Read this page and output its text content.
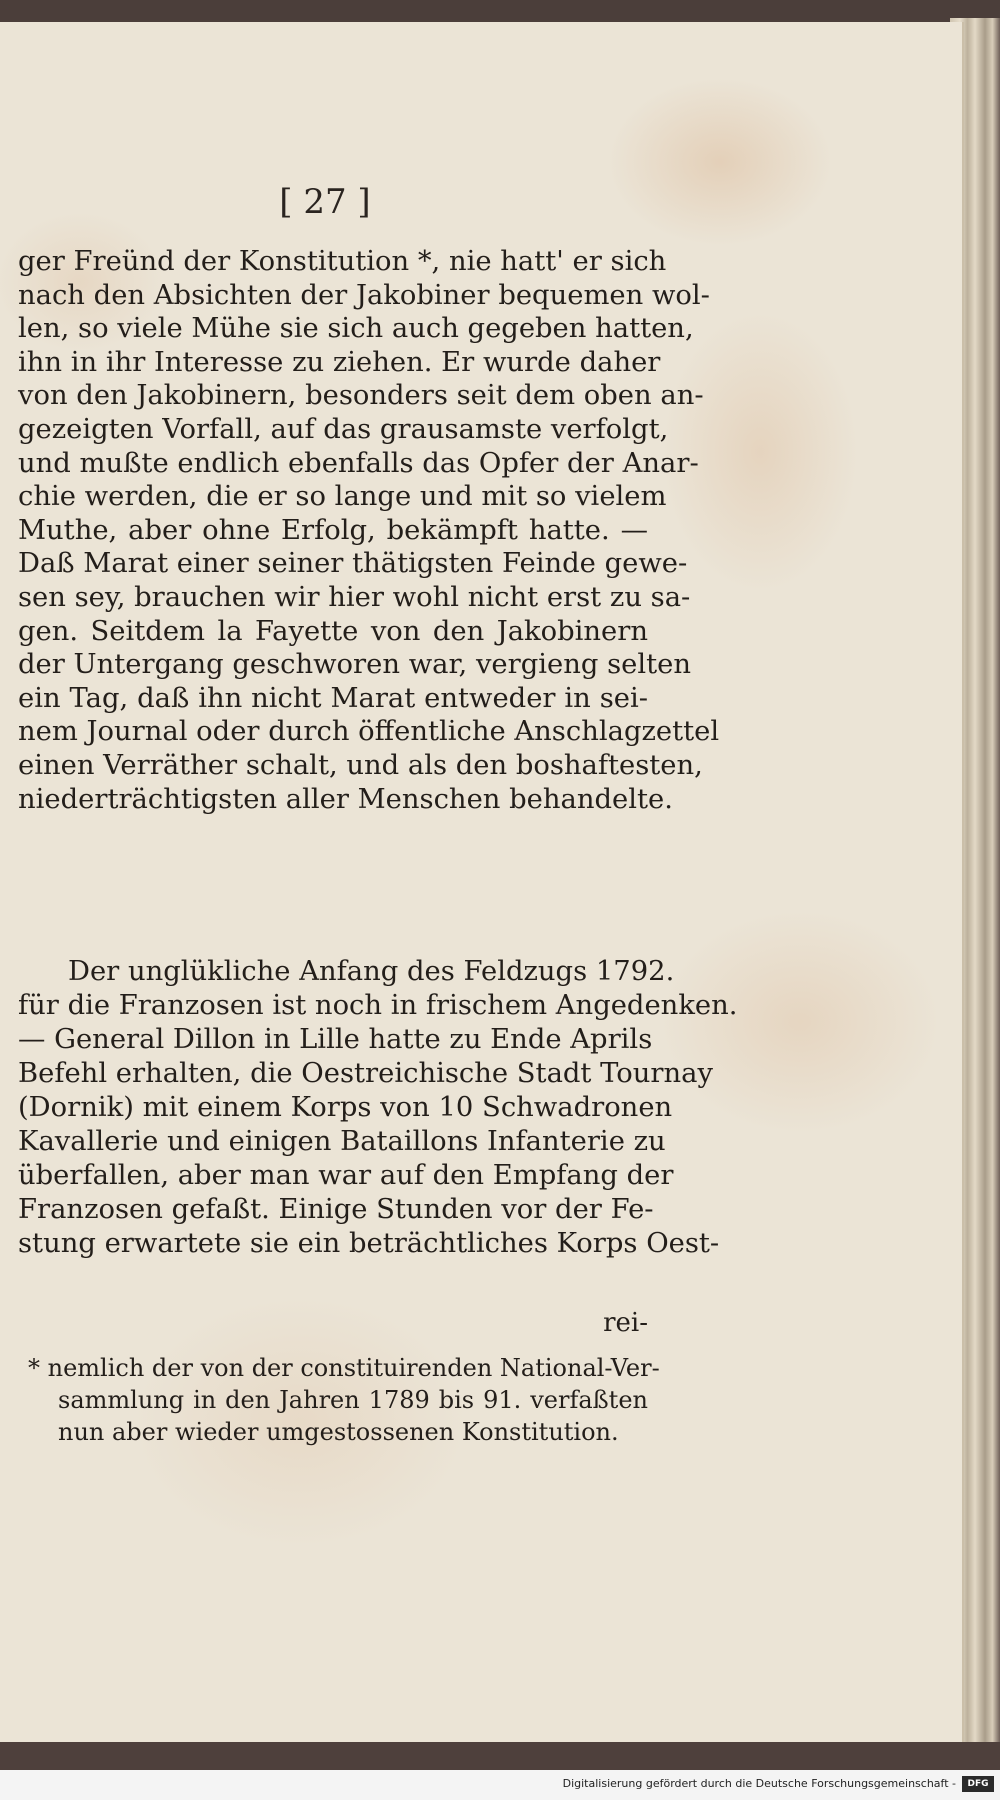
[ 27 ]
ger Freünd der Konstitution *, nie hatt' er sich
nach den Absichten der Jakobiner bequemen wol-
len, so viele Mühe sie sich auch gegeben hatten,
ihn in ihr Interesse zu ziehen. Er wurde daher
von den Jakobinern, besonders seit dem oben an-
gezeigten Vorfall, auf das grausamste verfolgt,
und mußte endlich ebenfalls das Opfer der Anar-
chie werden, die er so lange und mit so vielem
Muthe, aber ohne Erfolg, bekämpft hatte. —
Daß Marat einer seiner thätigsten Feinde gewe-
sen sey, brauchen wir hier wohl nicht erst zu sa-
gen. Seitdem la Fayette von den Jakobinern
der Untergang geschworen war, vergieng selten
ein Tag, daß ihn nicht Marat entweder in sei-
nem Journal oder durch öffentliche Anschlagzettel
einen Verräther schalt, und als den boshaftesten,
niederträchtigsten aller Menschen behandelte.
Der unglükliche Anfang des Feldzugs 1792.
für die Franzosen ist noch in frischem Angedenken.
— General Dillon in Lille hatte zu Ende Aprils
Befehl erhalten, die Oestreichische Stadt Tournay
(Dornik) mit einem Korps von 10 Schwadronen
Kavallerie und einigen Bataillons Infanterie zu
überfallen, aber man war auf den Empfang der
Franzosen gefaßt. Einige Stunden vor der Fe-
stung erwartete sie ein beträchtliches Korps Oest-
rei-
* nemlich der von der constituirenden National-Ver-
sammlung in den Jahren 1789 bis 91. verfaßten
nun aber wieder umgestossenen Konstitution.
Digitalisierung gefördert durch die Deutsche Forschungsgemeinschaft -	DFG
